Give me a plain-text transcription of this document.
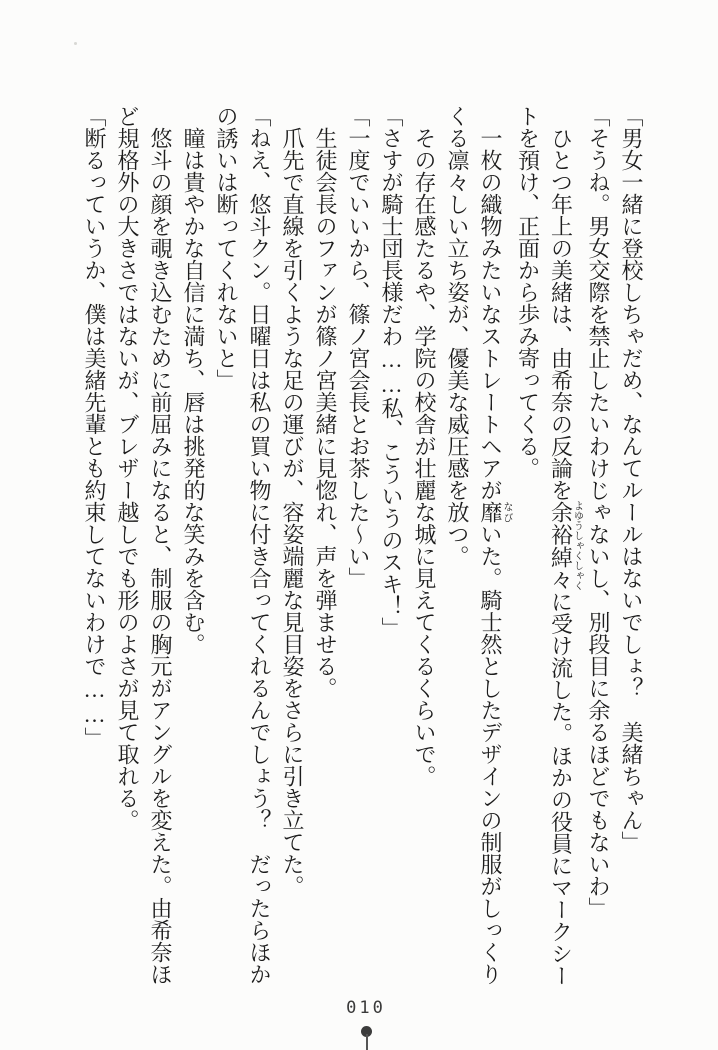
「男女一緒に登校しちゃだめ、なんてルールはないでしょ？　美緒ちゃん」

「そうね。男女交際を禁止したいわけじゃないし、別段目に余るほどでもないわ」

ひとつ年上の美緒は、由希奈の反論を余裕綽々よゆうしゃくしゃくに受け流した。ほかの役員にマークシー

トを預け、正面から歩み寄ってくる。

一枚の織物みたいなストレートヘアが靡なびいた。騎士然としたデザインの制服がしっくり

くる凛々しい立ち姿が、優美な威圧感を放つ。

その存在感たるや、学院の校舎が壮麗な城に見えてくるくらいで。

「さすが騎士団長様だわ……私、こういうのスキ！」

「一度でいいから、篠ノ宮会長とお茶した～い」

生徒会長のファンが篠ノ宮美緒に見惚れ、声を弾ませる。

爪先で直線を引くような足の運びが、容姿端麗な見目姿をさらに引き立てた。

「ねえ、悠斗クン。日曜日は私の買い物に付き合ってくれるんでしょう？　だったらほか

の誘いは断ってくれないと」

瞳は貴やかな自信に満ち、唇は挑発的な笑みを含む。

悠斗の顔を覗き込むために前屈みになると、制服の胸元がアングルを変えた。由希奈ほ

ど規格外の大きさではないが、ブレザー越しでも形のよさが見て取れる。

「断るっていうか、僕は美緒先輩とも約束してないわけで……」

010
